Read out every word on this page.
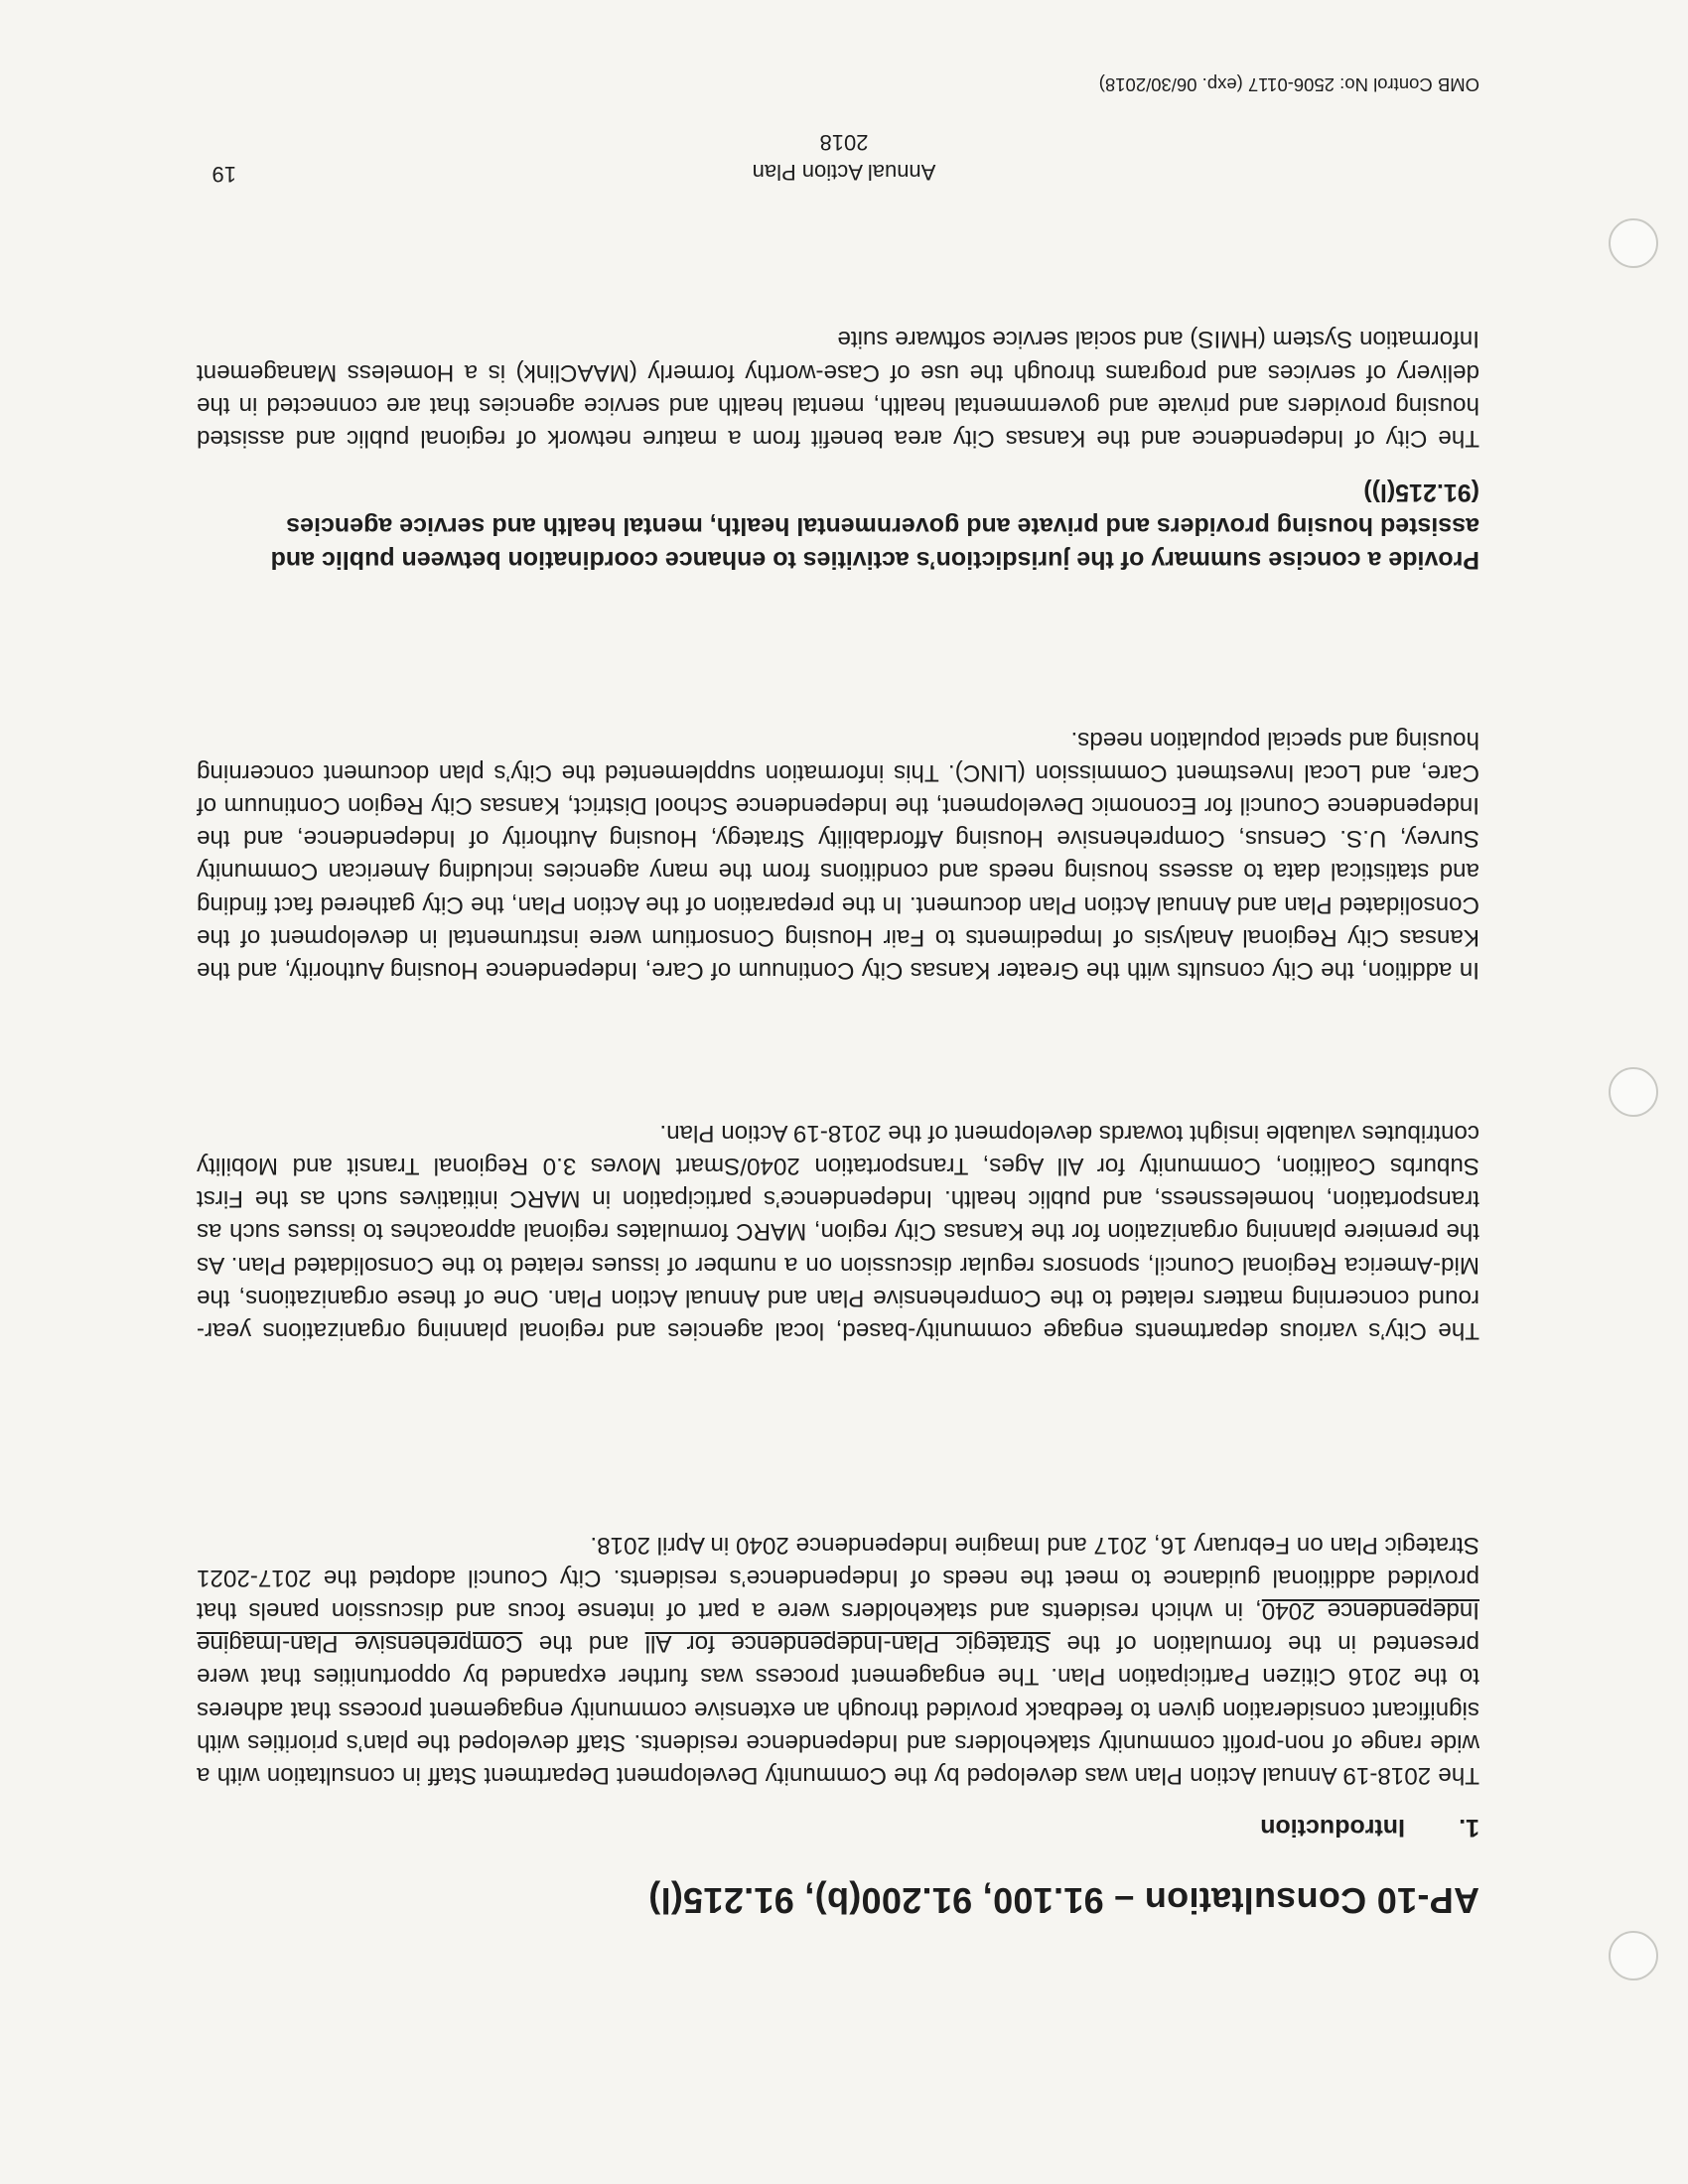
AP-10 Consultation – 91.100, 91.200(b), 91.215(l)
1.Introduction

The 2018-19 Annual Action Plan was developed by the Community Development Department Staff in consultation with a wide range of non-profit community stakeholders and Independence residents. Staff developed the plan’s priorities with significant consideration given to feedback provided through an extensive community engagement process that adheres to the 2016 Citizen Participation Plan. The engagement process was further expanded by opportunities that were presented in the formulation of the Strategic Plan-Independence for All and the Comprehensive Plan-Imagine Independence 2040, in which residents and stakeholders were a part of intense focus and discussion panels that provided additional guidance to meet the needs of Independence’s residents. City Council adopted the 2017-2021 Strategic Plan on February 16, 2017 and Imagine Independence 2040 in April 2018.

The City’s various departments engage community-based, local agencies and regional planning organizations year-round concerning matters related to the Comprehensive Plan and Annual Action Plan. One of these organizations, the Mid-America Regional Council, sponsors regular discussion on a number of issues related to the Consolidated Plan. As the premiere planning organization for the Kansas City region, MARC formulates regional approaches to issues such as transportation, homelessness, and public health. Independence’s participation in MARC initiatives such as the First Suburbs Coalition, Community for All Ages, Transportation 2040/Smart Moves 3.0 Regional Transit and Mobility contributes valuable insight towards development of the 2018-19 Action Plan.

In addition, the City consults with the Greater Kansas City Continuum of Care, Independence Housing Authority, and the Kansas City Regional Analysis of Impediments to Fair Housing Consortium were instrumental in development of the Consolidated Plan and Annual Action Plan document. In the preparation of the Action Plan, the City gathered fact finding and statistical data to assess housing needs and conditions from the many agencies including American Community Survey, U.S. Census, Comprehensive Housing Affordability Strategy, Housing Authority of Independence, and the Independence Council for Economic Development, the Independence School District, Kansas City Region Continuum of Care, and Local Investment Commission (LINC). This information supplemented the City’s plan document concerning housing and special population needs.

Provide a concise summary of the jurisdiction’s activities to enhance coordination between public and assisted housing providers and private and governmental health, mental health and service agencies (91.215(l))

The City of Independence and the Kansas City area benefit from a mature network of regional public and assisted housing providers and private and governmental health, mental health and service agencies that are connected in the delivery of services and programs through the use of Case-worthy formerly (MAAClink) is a Homeless Management Information System (HMIS) and social service software suite

Annual Action Plan
2018
19
OMB Control No: 2506-0117 (exp. 06/30/2018)
